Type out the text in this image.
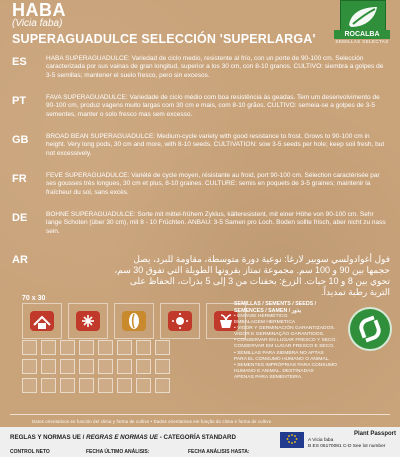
HABA
(Vicia faba)
SUPERAGUADULCE SELECCIÓN 'SUPERLARGA'	ROCALBA
SEMILLAS SELECTAS
ES	HABA SUPERAGUADULCE: Variedad de ciclo medio, resistente al frío, con un porte de 90-100 cm. Selección caracterizada por sus vainas de gran longitud, superior a los 30 cm, con 8-10 granos. CULTIVO: siembra a golpes de 3-5 semillas; mantener el suelo fresco, pero sin excesos.
PT	FAVA SUPERAGUADULCE: Variedade de ciclo médio com boa resistência às geadas. Tem um desenvolvimento de 90-100 cm, produz vagens muito largas com 30 cm e mais, com 8-10 grãos. CULTIVO: semeia-se a golpes de 3-5 sementes, manter o solo fresco mas sem excesso.
GB	BROAD BEAN SUPERAGUADULCE: Medium-cycle variety with good resistance to frost. Grows to 90-100 cm in height. Very long pods, 30 cm and more, with 8-10 seeds. CULTIVATION: sow 3-5 seeds per hole; keep soil fresh, but not excessively.
FR	FEVE SUPERAGUADULCE: Variété de cycle moyen, résistante au froid, port 90-100 cm. Sélection caractérisée par ses gousses très longues, 30 cm et plus, 8-10 graines. CULTURE: semis en poquets de 3-5 graines; maintenir la fraîcheur du sol, sans excès.
DE	BOHNE SUPERAGUADULCE: Sorte mit mittel-frühem Zyklus, kälteresistent, mit einer Höhe von 90-100 cm. Sehr lange Schoten (über 30 cm), mit 8 - 10 Früchten. ANBAU: 3-5 Samen pro Loch. Boden sollte frisch, aber nicht zu nass sein.
AR	فول أغوادولسي سوبير لارغا: نوعية دورة متوسطة، مقاومة للبرد، يصل حجمها بين 90 و 100 سم. مجموعة تمتاز بقرونها الطويلة التي تفوق 30 سم، تحوي بين 8 و 10 حبات. الزرع: بحفنات من 3 إلى 5 بذرات، الحفاظ على التربة رطبة تمديداً.
70 x 30
SEMILLAS / SEMENTS / SEEDS / SEMENCES / SAMEN / بذور
• ENVASE HERMÉTICO.
EMBALAGEM HERMETICA
• VIGOR Y GERMINACIÓN GARANTIZADOS.
VIGOR E GERMINAÇÃO GARANTIDOS.
• CONSERVAR EN LUGAR FRESCO Y SECO.
CONSERVAR EM LUGAR FRESCO E SECO.
• SEMILLAS PARA SIEMBRA NO APTAS
PARA EL CONSUMO HUMANO O ANIMAL.
• SEMENTES IMPRÓPRIAS PARA CONSUMO
HUMANO E ANIMAL. DESTINADAS
APENAS PARA SEMENTEIRA.
Datos orientativos en función del clima y forma de cultivo • Dados orientativos em função do clima e forma de cultivo
REGLAS Y NORMAS UE / REGRAS E NORMAS UE - CATEGORÍA STANDARD
CONTROL NETO	FECHA ÚLTIMO ANÁLISIS:	FECHA ANÁLISIS HASTA:
Plant Passport
A Vicia faba
B ES 06170081 C-D See lot number
